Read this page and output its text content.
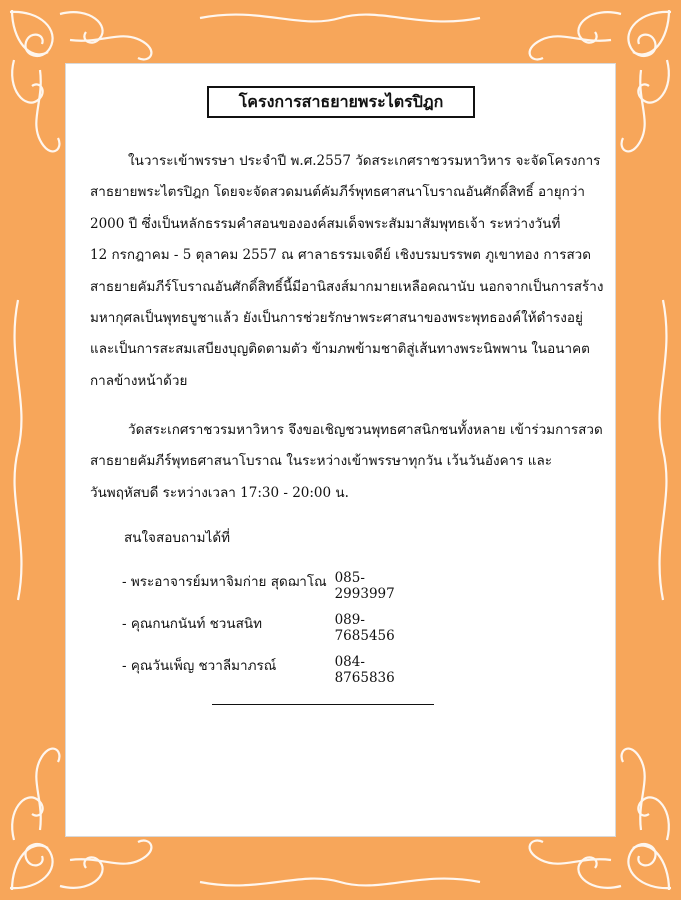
โครงการสาธยายพระไตรปิฎก
ในวาระเข้าพรรษา ประจำปี พ.ศ.2557 วัดสระเกศราชวรมหาวิหาร จะจัดโครงการ
สาธยายพระไตรปิฎก โดยจะจัดสวดมนต์คัมภีร์พุทธศาสนาโบราณอันศักดิ์สิทธิ์ อายุกว่า
2000 ปี ซึ่งเป็นหลักธรรมคำสอนขององค์สมเด็จพระสัมมาสัมพุทธเจ้า ระหว่างวันที่
12 กรกฎาคม - 5 ตุลาคม 2557 ณ ศาลาธรรมเจดีย์ เชิงบรมบรรพต ภูเขาทอง การสวด
สาธยายคัมภีร์โบราณอันศักดิ์สิทธิ์นี้มีอานิสงส์มากมายเหลือคณานับ นอกจากเป็นการสร้าง
มหากุศลเป็นพุทธบูชาแล้ว ยังเป็นการช่วยรักษาพระศาสนาของพระพุทธองค์ให้ดำรงอยู่
และเป็นการสะสมเสบียงบุญติดตามตัว ข้ามภพข้ามชาติสู่เส้นทางพระนิพพาน ในอนาคต
กาลข้างหน้าด้วย
วัดสระเกศราชวรมหาวิหาร จึงขอเชิญชวนพุทธศาสนิกชนทั้งหลาย เข้าร่วมการสวด
สาธยายคัมภีร์พุทธศาสนาโบราณ ในระหว่างเข้าพรรษาทุกวัน เว้นวันอังคาร และ
วันพฤหัสบดี ระหว่างเวลา 17:30 - 20:00 น.
สนใจสอบถามได้ที่
- พระอาจารย์มหาจิมก่าย สุดฌาโณ 085-2993997
- คุณกนกนันท์ ชวนสนิท	089-7685456
- คุณวันเพ็ญ ชวาลีมาภรณ์	084-8765836
